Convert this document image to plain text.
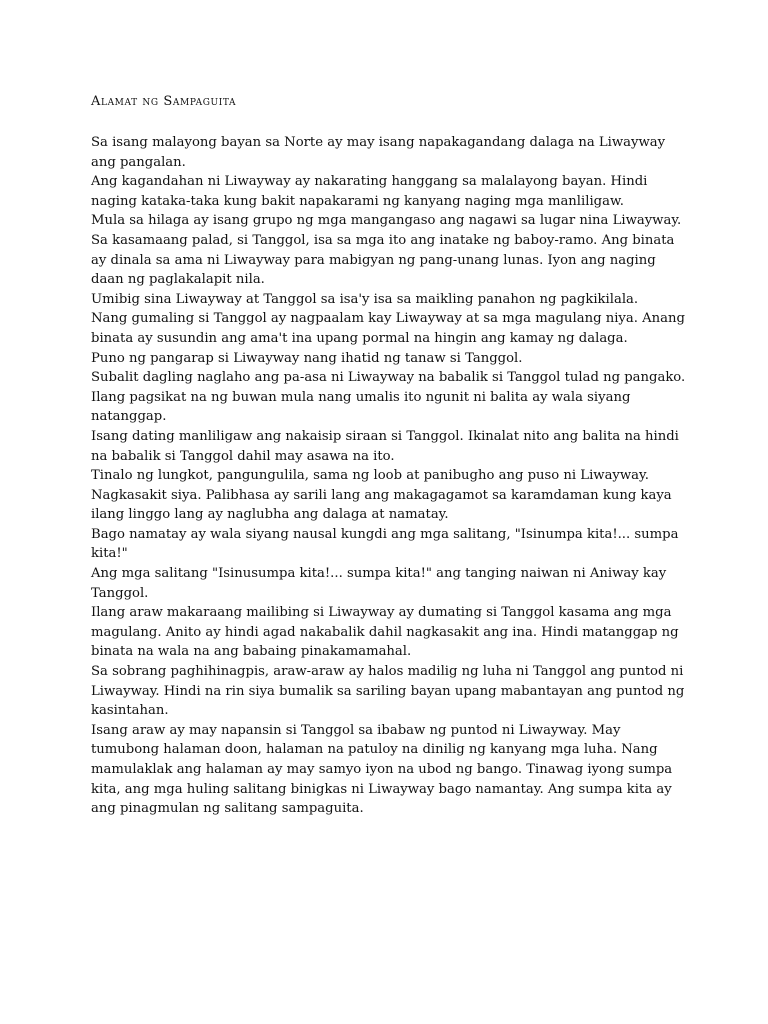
Alamat ng Sampaguita

Sa isang malayong bayan sa Norte ay may isang napakagandang dalaga na Liwayway ang pangalan.

Ang kagandahan ni Liwayway ay nakarating hanggang sa malalayong bayan. Hindi naging kataka-taka kung bakit napakarami ng kanyang naging mga manliligaw.

Mula sa hilaga ay isang grupo ng mga mangangaso ang nagawi sa lugar nina Liwayway. Sa kasamaang palad, si Tanggol, isa sa mga ito ang inatake ng baboy-ramo. Ang binata ay dinala sa ama ni Liwayway para mabigyan ng pang-unang lunas. Iyon ang naging daan ng paglakalapit nila.

Umibig sina Liwayway at Tanggol sa isa'y isa sa maikling panahon ng pagkikilala.

Nang gumaling si Tanggol ay nagpaalam kay Liwayway at sa mga magulang niya. Anang binata ay susundin ang ama't ina upang pormal na hingin ang kamay ng dalaga.

Puno ng pangarap si Liwayway nang ihatid ng tanaw si Tanggol.

Subalit dagling naglaho ang pa-asa ni Liwayway na babalik si Tanggol tulad ng pangako. Ilang pagsikat na ng buwan mula nang umalis ito ngunit ni balita ay wala siyang natanggap.

Isang dating manliligaw ang nakaisip siraan si Tanggol. Ikinalat nito ang balita na hindi na babalik si Tanggol dahil may asawa na ito.

Tinalo ng lungkot, pangungulila, sama ng loob at panibugho ang puso ni Liwayway. Nagkasakit siya. Palibhasa ay sarili lang ang makagagamot sa karamdaman kung kaya ilang linggo lang ay naglubha ang dalaga at namatay.

Bago namatay ay wala siyang nausal kungdi ang mga salitang, "Isinumpa kita!... sumpa kita!"

Ang mga salitang "Isinusumpa kita!... sumpa kita!" ang tanging naiwan ni Aniway kay Tanggol.

Ilang araw makaraang mailibing si Liwayway ay dumating si Tanggol kasama ang mga magulang. Anito ay hindi agad nakabalik dahil nagkasakit ang ina. Hindi matanggap ng binata na wala na ang babaing pinakamamahal.

Sa sobrang paghihinagpis, araw-araw ay halos madilig ng luha ni Tanggol ang puntod ni Liwayway. Hindi na rin siya bumalik sa sariling bayan upang mabantayan ang puntod ng kasintahan.

Isang araw ay may napansin si Tanggol sa ibabaw ng puntod ni Liwayway. May tumubong halaman doon, halaman na patuloy na dinilig ng kanyang mga luha. Nang mamulaklak ang halaman ay may samyo iyon na ubod ng bango. Tinawag iyong sumpa kita, ang mga huling salitang binigkas ni Liwayway bago namantay. Ang sumpa kita ay ang pinagmulan ng salitang sampaguita.
